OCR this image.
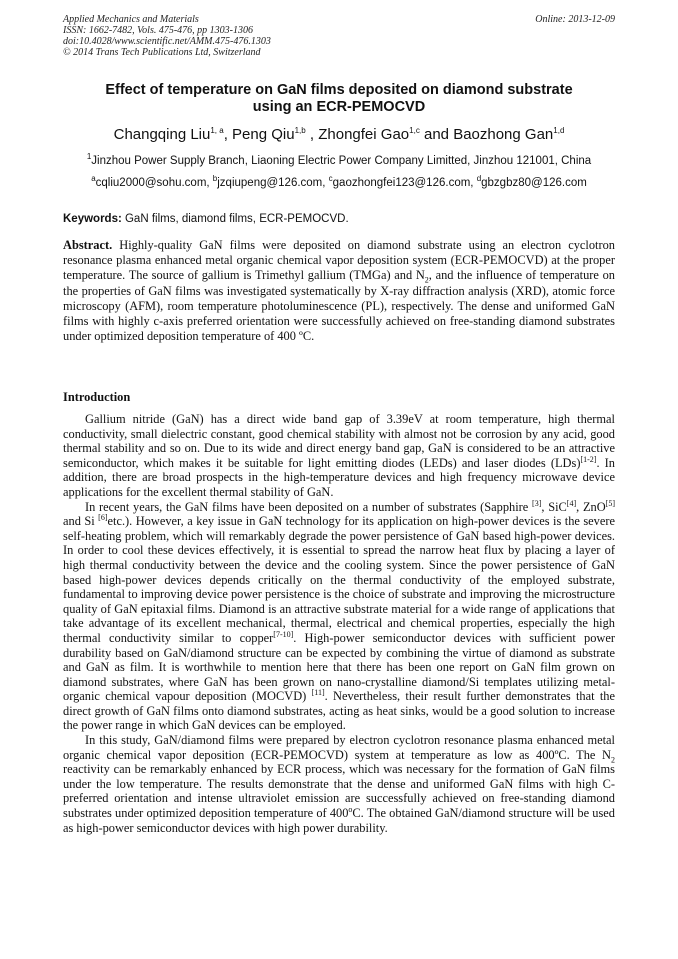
Applied Mechanics and Materials
ISSN: 1662-7482, Vols. 475-476, pp 1303-1306
doi:10.4028/www.scientific.net/AMM.475-476.1303
© 2014 Trans Tech Publications Ltd, Switzerland
Online: 2013-12-09
Effect of temperature on GaN films deposited on diamond substrate
using an ECR-PEMOCVD
Changqing Liu$^{1, a}$, Peng Qiu$^{1,b}$ , Zhongfei Gao$^{1,c}$ and Baozhong Gan$^{1,d}$
$^1$Jinzhou Power Supply Branch, Liaoning Electric Power Company Limitted, Jinzhou 121001, China
$^a$cqliu2000@sohu.com, $^b$jzqiupeng@126.com, $^c$gaozhongfei123@126.com, $^d$gbzgbz80@126.com
Keywords: GaN films, diamond films, ECR-PEMOCVD.

Abstract. Highly-quality GaN films were deposited on diamond substrate using an electron cyclotron resonance plasma enhanced metal organic chemical vapor deposition system (ECR-PEMOCVD) at the proper temperature. The source of gallium is Trimethyl gallium (TMGa) and $N_2$, and the influence of temperature on the properties of GaN films was investigated systematically by X-ray diffraction analysis (XRD), atomic force microscopy (AFM), room temperature photoluminescence (PL), respectively. The dense and uniformed GaN films with highly c-axis preferred orientation were successfully achieved on free-standing diamond substrates under optimized deposition temperature of 400 ºC.

Introduction

Gallium nitride (GaN) has a direct wide band gap of 3.39eV at room temperature, high thermal conductivity, small dielectric constant, good chemical stability with almost not be corrosion by any acid, good thermal stability and so on. Due to its wide and direct energy band gap, GaN is considered to be an attractive semiconductor, which makes it be suitable for light emitting diodes (LEDs) and laser diodes (LDs)[1-2]. In addition, there are broad prospects in the high-temperature devices and high frequency microwave device applications for the excellent thermal stability of GaN.

In recent years, the GaN films have been deposited on a number of substrates (Sapphire [3], SiC[4], ZnO[5] and Si [6]etc.). However, a key issue in GaN technology for its application on high-power devices is the severe self-heating problem, which will remarkably degrade the power persistence of GaN based high-power devices. In order to cool these devices effectively, it is essential to spread the narrow heat flux by placing a layer of high thermal conductivity between the device and the cooling system. Since the power persistence of GaN based high-power devices depends critically on the thermal conductivity of the employed substrate, fundamental to improving device power persistence is the choice of substrate and improving the microstructure quality of GaN epitaxial films. Diamond is an attractive substrate material for a wide range of applications that take advantage of its excellent mechanical, thermal, electrical and chemical properties, especially the high thermal conductivity similar to copper[7-10]. High-power semiconductor devices with sufficient power durability based on GaN/diamond structure can be expected by combining the virtue of diamond as substrate and GaN as film. It is worthwhile to mention here that there has been one report on GaN film grown on diamond substrates, where GaN has been grown on nano-crystalline diamond/Si templates utilizing metal-organic chemical vapour deposition (MOCVD) [11]. Nevertheless, their result further demonstrates that the direct growth of GaN films onto diamond substrates, acting as heat sinks, would be a good solution to increase the power range in which GaN devices can be employed.

In this study, GaN/diamond films were prepared by electron cyclotron resonance plasma enhanced metal organic chemical vapor deposition (ECR-PEMOCVD) system at temperature as low as 400ºC. The $N_2$ reactivity can be remarkably enhanced by ECR process, which was necessary for the formation of GaN films under the low temperature. The results demonstrate that the dense and uniformed GaN films with high C-preferred orientation and intense ultraviolet emission are successfully achieved on free-standing diamond substrates under optimized deposition temperature of 400$^o$C. The obtained GaN/diamond structure will be used as high-power semiconductor devices with high power durability.
